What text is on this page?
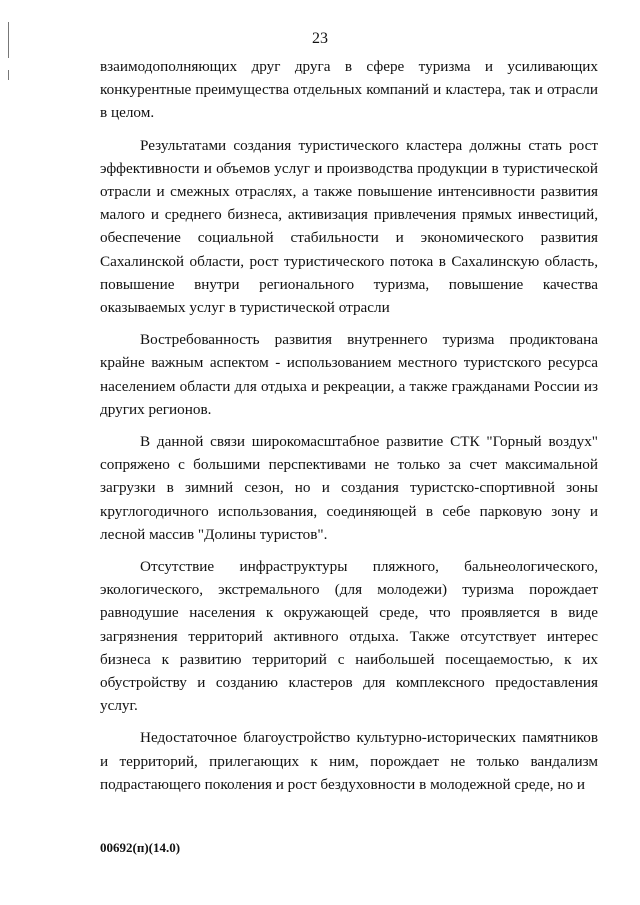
23

взаимодополняющих друг друга в сфере туризма и усиливающих конкурентные преимущества отдельных компаний и кластера, так и отрасли в целом.

Результатами создания туристического кластера должны стать рост эффективности и объемов услуг и производства продукции в туристической отрасли и смежных отраслях, а также повышение интенсивности развития малого и среднего бизнеса, активизация привлечения прямых инвестиций, обеспечение социальной стабильности и экономического развития Сахалинской области, рост туристического потока в Сахалинскую область, повышение внутри регионального туризма, повышение качества оказываемых услуг в туристической отрасли

Востребованность развития внутреннего туризма продиктована крайне важным аспектом - использованием местного туристского ресурса населением области для отдыха и рекреации, а также гражданами России из других регионов.

В данной связи широкомасштабное развитие СТК "Горный воздух" сопряжено с большими перспективами не только за счет максимальной загрузки в зимний сезон, но и создания туристско-спортивной зоны круглогодичного использования, соединяющей в себе парковую зону и лесной массив "Долины туристов".

Отсутствие инфраструктуры пляжного, бальнеологического, экологического, экстремального (для молодежи) туризма порождает равнодушие населения к окружающей среде, что проявляется в виде загрязнения территорий активного отдыха. Также отсутствует интерес бизнеса к развитию территорий с наибольшей посещаемостью, к их обустройству и созданию кластеров для комплексного предоставления услуг.

Недостаточное благоустройство культурно-исторических памятников и территорий, прилегающих к ним, порождает не только вандализм подрастающего поколения и рост бездуховности в молодежной среде, но и

00692(п)(14.0)
